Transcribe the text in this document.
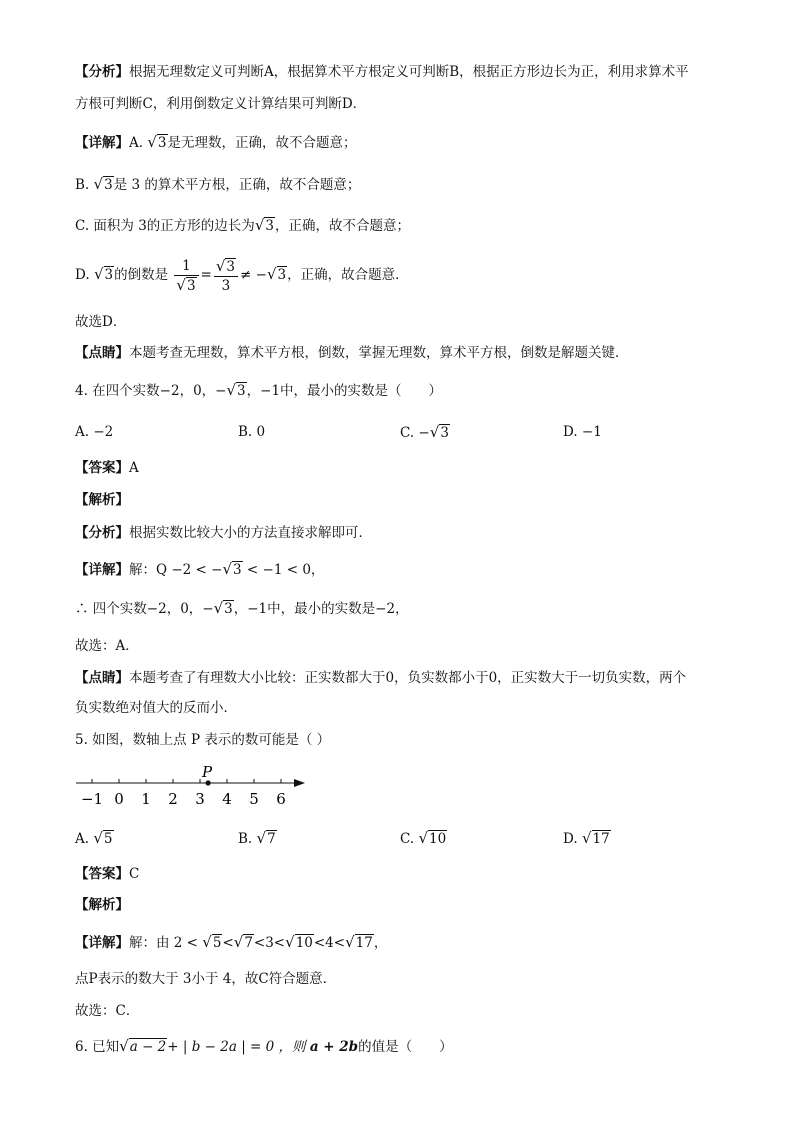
【分析】根据无理数定义可判断A，根据算术平方根定义可判断B，根据正方形边长为正，利用求算术平
方根可判断C，利用倒数定义计算结果可判断D．
【详解】A. √3是无理数，正确，故不合题意；
B. √3是 3 的算术平方根，正确，故不合题意；
C. 面积为 3的正方形的边长为√3，正确，故不合题意；
D. √3的倒数是 $\frac{1}{√3} = \frac{√3}{3} \ne -√3$，正确，故合题意．
故选D．
【点睛】本题考查无理数，算术平方根，倒数，掌握无理数，算术平方根，倒数是解题关键．
4. 在四个实数−2，0，−√3，−1中，最小的实数是（　　）
A. −2	B. 0	C. −√3	D. −1
【答案】A
【解析】
【分析】根据实数比较大小的方法直接求解即可．
【详解】解：Q −2 < −√3 < −1 < 0，
∴ 四个实数−2，0，−√3，−1中，最小的实数是−2，
故选：A．
【点睛】本题考查了有理数大小比较：正实数都大于0，负实数都小于0，正实数大于一切负实数，两个
负实数绝对值大的反而小．
5. 如图，数轴上点 P 表示的数可能是（ ）
−1 0 1 2 3 4 5 6
P
A. √5	B. √7	C. √10	D. √17
【答案】C
【解析】
【详解】解：由 2 < √5<√7<3<√10<4<√17，
点P表示的数大于 3小于 4，故C符合题意．
故选：C．
6. 已知√a − 2+ | b − 2a | = 0 ，则 a + 2b的值是（　　）
